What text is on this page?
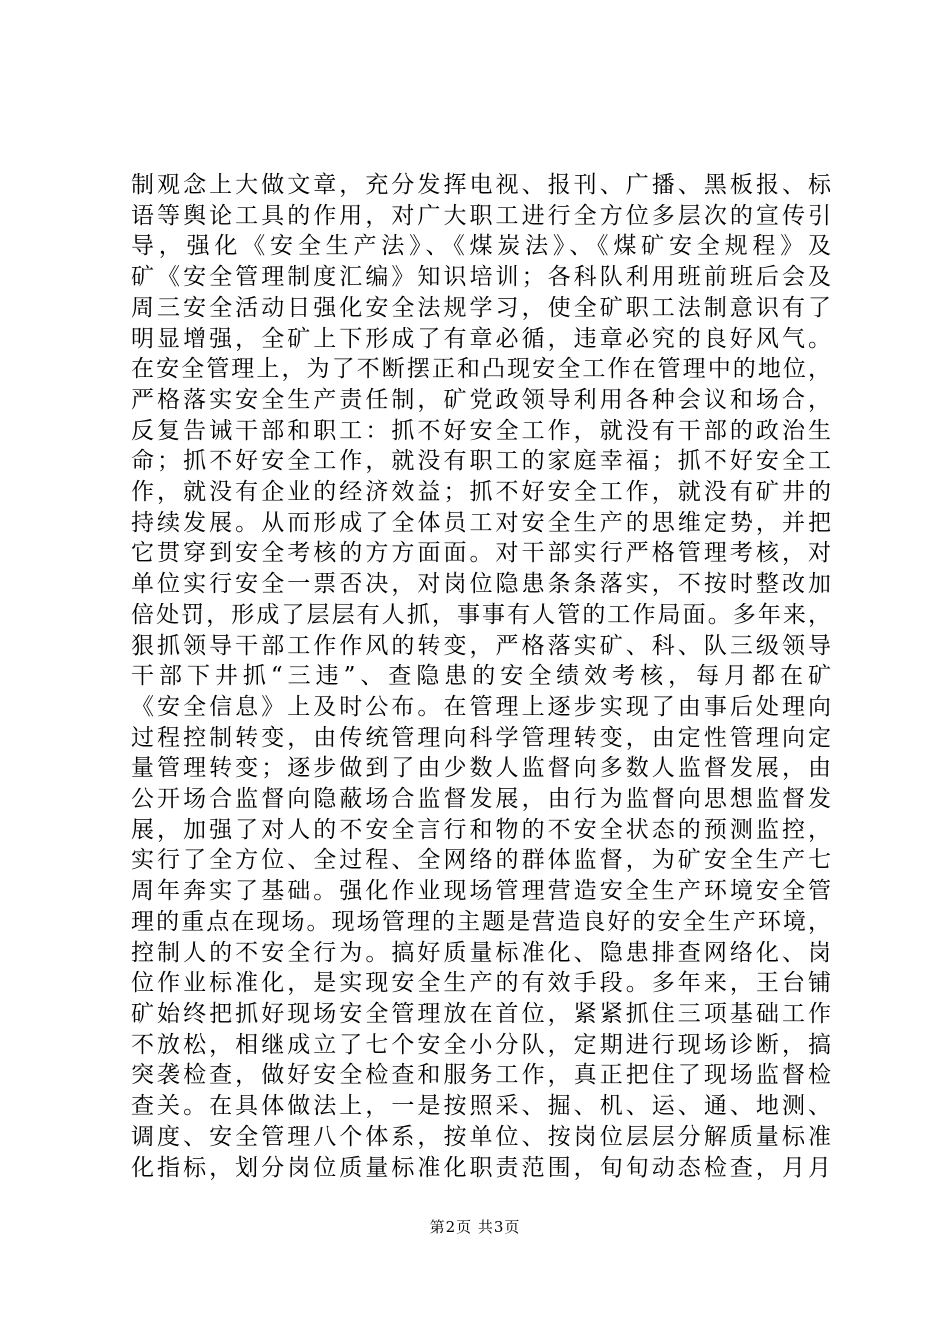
制观念上大做文章，充分发挥电视、报刊、广播、黑板报、标
语等舆论工具的作用，对广大职工进行全方位多层次的宣传引
导，强化《安全生产法》、《煤炭法》、《煤矿安全规程》及
矿《安全管理制度汇编》知识培训；各科队利用班前班后会及
周三安全活动日强化安全法规学习，使全矿职工法制意识有了
明显增强，全矿上下形成了有章必循，违章必究的良好风气。
在安全管理上，为了不断摆正和凸现安全工作在管理中的地位，
严格落实安全生产责任制，矿党政领导利用各种会议和场合，
反复告诫干部和职工：抓不好安全工作，就没有干部的政治生
命；抓不好安全工作，就没有职工的家庭幸福；抓不好安全工
作，就没有企业的经济效益；抓不好安全工作，就没有矿井的
持续发展。从而形成了全体员工对安全生产的思维定势，并把
它贯穿到安全考核的方方面面。对干部实行严格管理考核，对
单位实行安全一票否决，对岗位隐患条条落实，不按时整改加
倍处罚，形成了层层有人抓，事事有人管的工作局面。多年来，
狠抓领导干部工作作风的转变，严格落实矿、科、队三级领导
干部下井抓“三违”、查隐患的安全绩效考核，每月都在矿
《安全信息》上及时公布。在管理上逐步实现了由事后处理向
过程控制转变，由传统管理向科学管理转变，由定性管理向定
量管理转变；逐步做到了由少数人监督向多数人监督发展，由
公开场合监督向隐蔽场合监督发展，由行为监督向思想监督发
展，加强了对人的不安全言行和物的不安全状态的预测监控，
实行了全方位、全过程、全网络的群体监督，为矿安全生产七
周年奔实了基础。强化作业现场管理营造安全生产环境安全管
理的重点在现场。现场管理的主题是营造良好的安全生产环境，
控制人的不安全行为。搞好质量标准化、隐患排查网络化、岗
位作业标准化，是实现安全生产的有效手段。多年来，王台铺
矿始终把抓好现场安全管理放在首位，紧紧抓住三项基础工作
不放松，相继成立了七个安全小分队，定期进行现场诊断，搞
突袭检查，做好安全检查和服务工作，真正把住了现场监督检
查关。在具体做法上，一是按照采、掘、机、运、通、地测、
调度、安全管理八个体系，按单位、按岗位层层分解质量标准
化指标，划分岗位质量标准化职责范围，旬旬动态检查，月月
第2页 共3页
